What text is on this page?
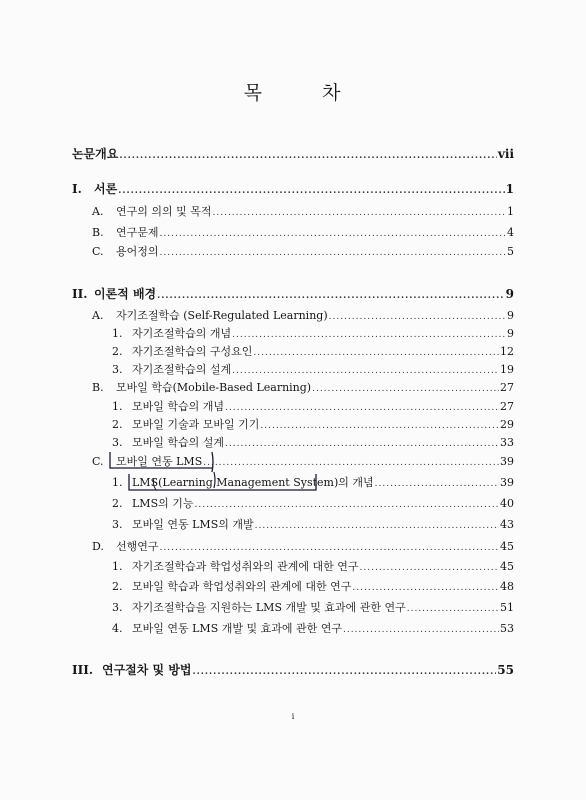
목	차
논문개요 .....	vii
I.	서론 .....	1
A.	연구의 의의 및 목적 .....	1
B.	연구문제 .....	4
C.	용어정의 .....	5
II. 이론적 배경 .....	9
A.	자기조절학습 (Self-Regulated Learning) .....	9
1. 자기조절학습의 개념 .....	9
2. 자기조절학습의 구성요인 .....	12
3. 자기조절학습의 설계 .....	19
B.	모바일 학습(Mobile-Based Learning) .....	27
1. 모바일 학습의 개념 .....	27
2. 모바일 기술과 모바일 기기 .....	29
3. 모바일 학습의 설계 .....	33
C.	모바일 연동 LMS .....	39
1. LMS(Learning Management System)의 개념 .....	39
2. LMS의 기능 .....	40
3. 모바일 연동 LMS의 개발 .....	43
D.	선행연구 .....	45
1. 자기조절학습과 학업성취와의 관계에 대한 연구 .....	45
2. 모바일 학습과 학업성취와의 관계에 대한 연구 .....	48
3. 자기조절학습을 지원하는 LMS 개발 및 효과에 관한 연구 .....	51
4. 모바일 연동 LMS 개발 및 효과에 관한 연구 .....	53
III. 연구절차 및 방법 .....	55
i
